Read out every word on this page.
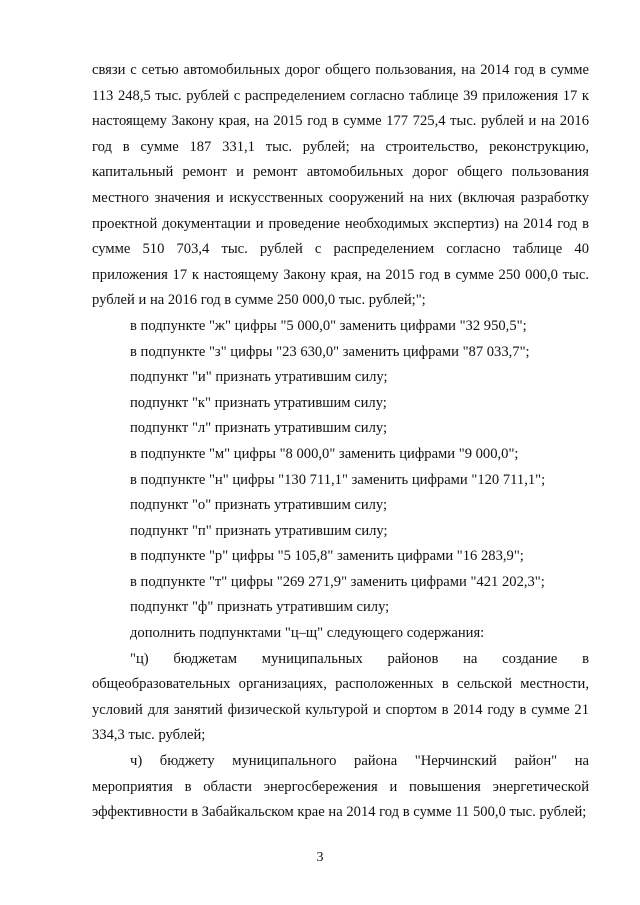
связи с сетью автомобильных дорог общего пользования, на 2014 год в сумме 113 248,5 тыс. рублей с распределением согласно таблице 39 приложения 17 к настоящему Закону края, на 2015 год в сумме 177 725,4 тыс. рублей и на 2016 год в сумме 187 331,1 тыс. рублей; на строительство, реконструкцию, капитальный ремонт и ремонт автомобильных дорог общего пользования местного значения и искусственных сооружений на них (включая разработку проектной документации и проведение необходимых экспертиз) на 2014 год в сумме 510 703,4 тыс. рублей с распределением согласно таблице 40 приложения 17 к настоящему Закону края, на 2015 год в сумме 250 000,0 тыс. рублей и на 2016 год в сумме 250 000,0 тыс. рублей;";

в подпункте "ж" цифры "5 000,0" заменить цифрами "32 950,5";

в подпункте "з" цифры "23 630,0" заменить цифрами "87 033,7";

подпункт "и" признать утратившим силу;

подпункт "к" признать утратившим силу;

подпункт "л" признать утратившим силу;

в подпункте "м" цифры "8 000,0" заменить цифрами "9 000,0";

в подпункте "н" цифры "130 711,1" заменить цифрами "120 711,1";

подпункт "о" признать утратившим силу;

подпункт "п" признать утратившим силу;

в подпункте "р" цифры "5 105,8" заменить цифрами "16 283,9";

в подпункте "т" цифры "269 271,9" заменить цифрами "421 202,3";

подпункт "ф" признать утратившим силу;

дополнить подпунктами "ц–щ" следующего содержания:

"ц) бюджетам муниципальных районов на создание в общеобразовательных организациях, расположенных в сельской местности, условий для занятий физической культурой и спортом в 2014 году в сумме 21 334,3 тыс. рублей;

ч) бюджету муниципального района "Нерчинский район" на мероприятия в области энергосбережения и повышения энергетической эффективности в Забайкальском крае на 2014 год в сумме 11 500,0 тыс. рублей;

3
